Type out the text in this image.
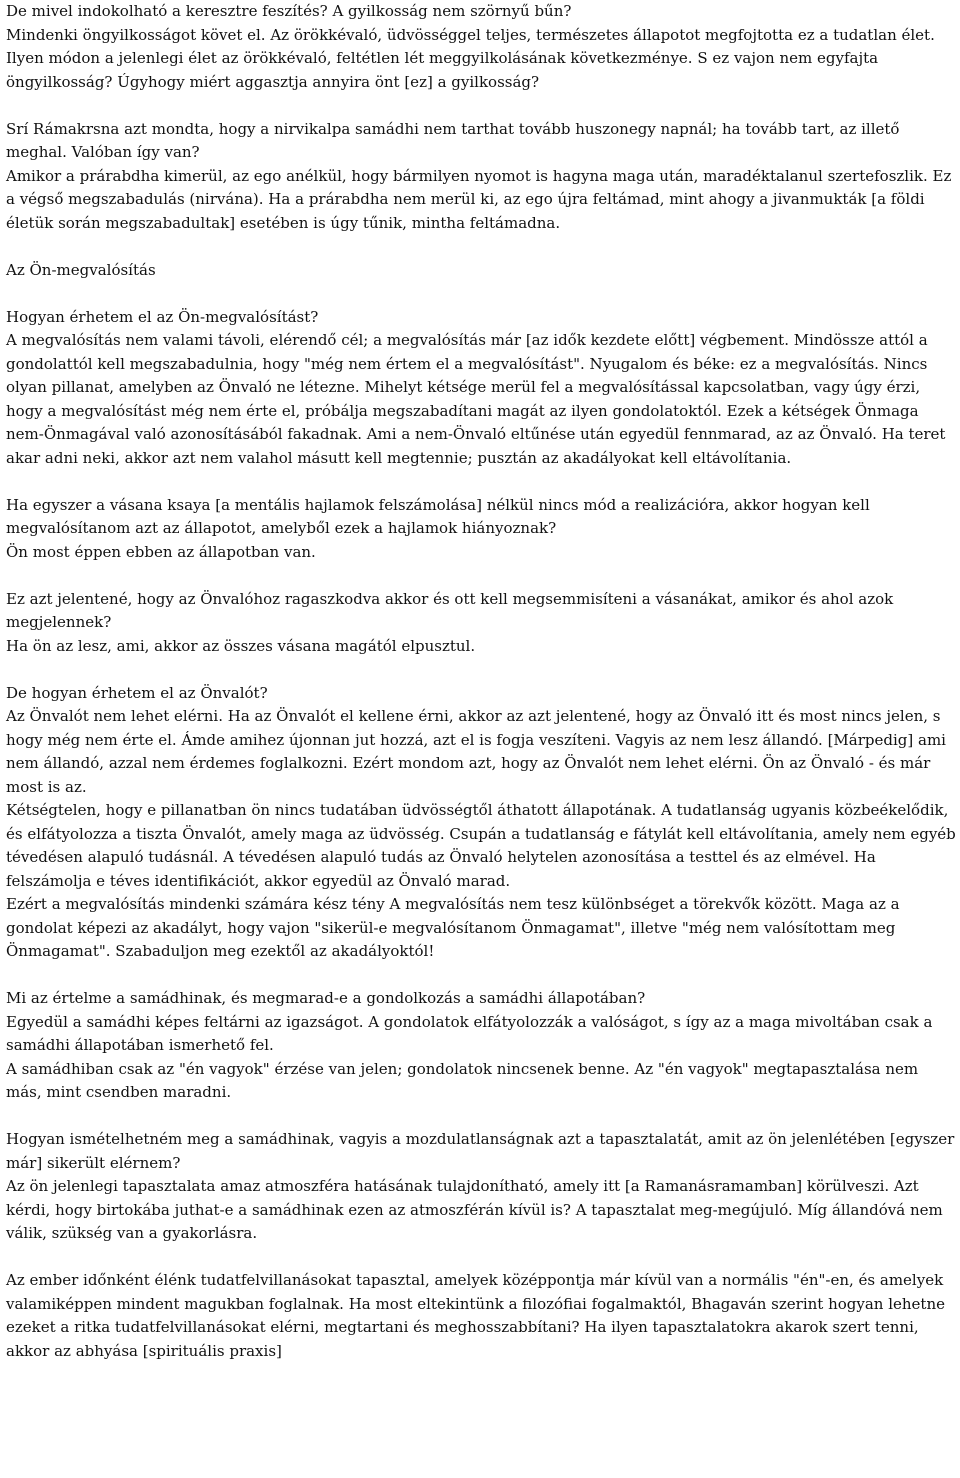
De mivel indokolható a keresztre feszítés? A gyilkosság nem szörnyű bűn?
Mindenki öngyilkosságot követ el. Az örökkévaló, üdvösséggel teljes, természetes állapotot megfojtotta ez a tudatlan élet. Ilyen módon a jelenlegi élet az örökkévaló, feltétlen lét meggyilkolásának következménye. S ez vajon nem egyfajta öngyilkosság? Úgyhogy miért aggasztja annyira önt [ez] a gyilkosság?
Srí Rámakrsna azt mondta, hogy a nirvikalpa samádhi nem tarthat tovább huszonegy napnál; ha tovább tart, az illető meghal. Valóban így van?
Amikor a prárabdha kimerül, az ego anélkül, hogy bármilyen nyomot is hagyna maga után, maradéktalanul szertefoszlik. Ez a végső megszabadulás (nirvána). Ha a prárabdha nem merül ki, az ego újra feltámad, mint ahogy a jivanmukták [a földi életük során megszabadultak] esetében is úgy tűnik, mintha feltámadna.
Az Ön-megvalósítás
Hogyan érhetem el az Ön-megvalósítást?
A megvalósítás nem valami távoli, elérendő cél; a megvalósítás már [az idők kezdete előtt] végbement. Mindössze attól a gondolattól kell megszabadulnia, hogy "még nem értem el a megvalósítást". Nyugalom és béke: ez a megvalósítás. Nincs olyan pillanat, amelyben az Önvaló ne létezne. Mihelyt kétsége merül fel a megvalósítással kapcsolatban, vagy úgy érzi, hogy a megvalósítást még nem érte el, próbálja megszabadítani magát az ilyen gondolatoktól. Ezek a kétségek Önmaga nem-Önmagával való azonosításából fakadnak. Ami a nem-Önvaló eltűnése után egyedül fennmarad, az az Önvaló. Ha teret akar adni neki, akkor azt nem valahol másutt kell megtennie; pusztán az akadályokat kell eltávolítania.
Ha egyszer a vásana ksaya [a mentális hajlamok felszámolása] nélkül nincs mód a realizációra, akkor hogyan kell megvalósítanom azt az állapotot, amelyből ezek a hajlamok hiányoznak?
Ön most éppen ebben az állapotban van.
Ez azt jelentené, hogy az Önvalóhoz ragaszkodva akkor és ott kell megsemmisíteni a vásanákat, amikor és ahol azok megjelennek?
Ha ön az lesz, ami, akkor az összes vásana magától elpusztul.
De hogyan érhetem el az Önvalót?
Az Önvalót nem lehet elérni. Ha az Önvalót el kellene érni, akkor az azt jelentené, hogy az Önvaló itt és most nincs jelen, s hogy még nem érte el. Ámde amihez újonnan jut hozzá, azt el is fogja veszíteni. Vagyis az nem lesz állandó. [Márpedig] ami nem állandó, azzal nem érdemes foglalkozni. Ezért mondom azt, hogy az Önvalót nem lehet elérni. Ön az Önvaló - és már most is az.
Kétségtelen, hogy e pillanatban ön nincs tudatában üdvösségtől áthatott állapotának. A tudatlanság ugyanis közbeékelődik, és elfátyolozza a tiszta Önvalót, amely maga az üdvösség. Csupán a tudatlanság e fátylát kell eltávolítania, amely nem egyéb tévedésen alapuló tudásnál. A tévedésen alapuló tudás az Önvaló helytelen azonosítása a testtel és az elmével. Ha felszámolja e téves identifikációt, akkor egyedül az Önvaló marad.
Ezért a megvalósítás mindenki számára kész tény A megvalósítás nem tesz különbséget a törekvők között. Maga az a gondolat képezi az akadályt, hogy vajon "sikerül-e megvalósítanom Önmagamat", illetve "még nem valósítottam meg Önmagamat". Szabaduljon meg ezektől az akadályoktól!
Mi az értelme a samádhinak, és megmarad-e a gondolkozás a samádhi állapotában?
Egyedül a samádhi képes feltárni az igazságot. A gondolatok elfátyolozzák a valóságot, s így az a maga mivoltában csak a samádhi állapotában ismerhető fel.
A samádhiban csak az "én vagyok" érzése van jelen; gondolatok nincsenek benne. Az "én vagyok" megtapasztalása nem más, mint csendben maradni.
Hogyan ismételhetném meg a samádhinak, vagyis a mozdulatlanságnak azt a tapasztalatát, amit az ön jelenlétében [egyszer már] sikerült elérnem?
Az ön jelenlegi tapasztalata amaz atmoszféra hatásának tulajdonítható, amely itt [a Ramanásramamban] körülveszi. Azt kérdi, hogy birtokába juthat-e a samádhinak ezen az atmoszférán kívül is? A tapasztalat meg-megújuló. Míg állandóvá nem válik, szükség van a gyakorlásra.
Az ember időnként élénk tudatfelvillanásokat tapasztal, amelyek középpontja már kívül van a normális "én"-en, és amelyek valamiképpen mindent magukban foglalnak. Ha most eltekintünk a filozófiai fogalmaktól, Bhagaván szerint hogyan lehetne ezeket a ritka tudatfelvillanásokat elérni, megtartani és meghosszabbítani? Ha ilyen tapasztalatokra akarok szert tenni, akkor az abhyása [spirituális praxis]
